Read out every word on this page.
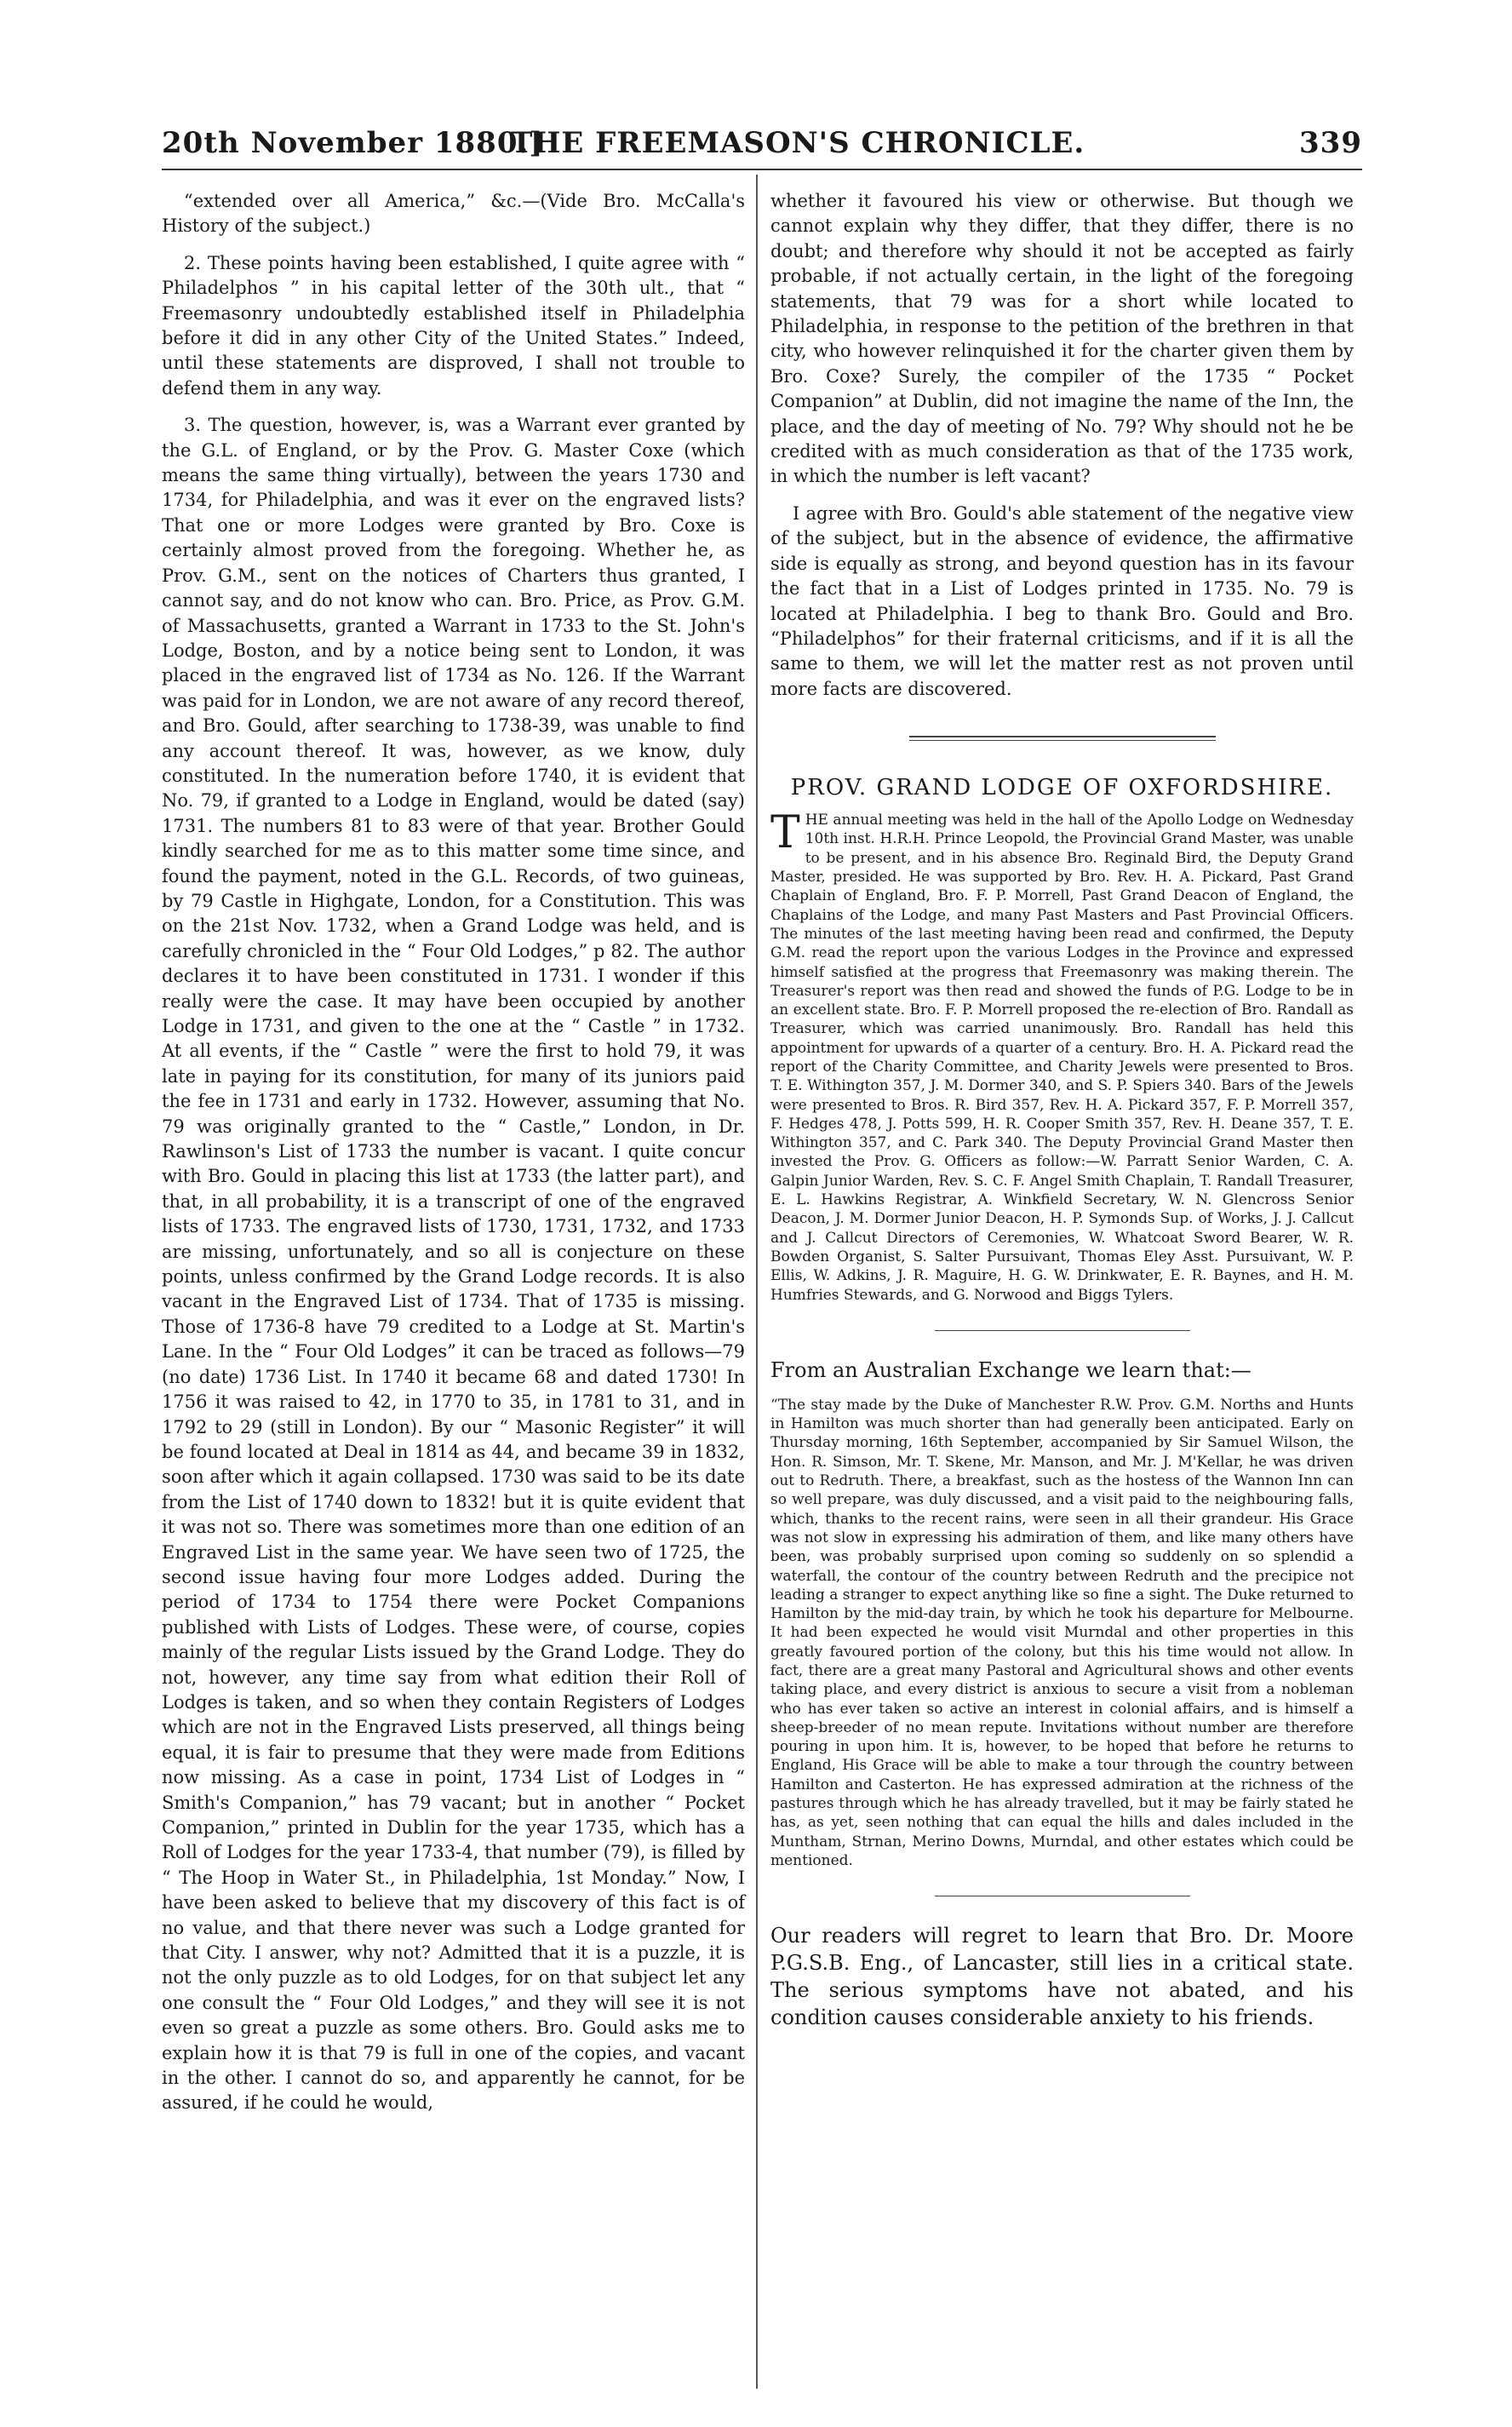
20th November 1880.]
THE FREEMASON'S CHRONICLE.	339

“extended over all America,” &c.—(Vide Bro. McCalla's History of the subject.)

2. These points having been established, I quite agree with “ Philadelphos ” in his capital letter of the 30th ult., that “ Freemasonry undoubtedly established itself in Philadelphia before it did in any other City of the United States.” Indeed, until these statements are disproved, I shall not trouble to defend them in any way.

3. The question, however, is, was a Warrant ever granted by the G.L. of England, or by the Prov. G. Master Coxe (which means the same thing virtually), between the years 1730 and 1734, for Philadelphia, and was it ever on the engraved lists? That one or more Lodges were granted by Bro. Coxe is certainly almost proved from the foregoing. Whether he, as Prov. G.M., sent on the notices of Charters thus granted, I cannot say, and do not know who can. Bro. Price, as Prov. G.M. of Massachusetts, granted a Warrant in 1733 to the St. John's Lodge, Boston, and by a notice being sent to London, it was placed in the engraved list of 1734 as No. 126. If the Warrant was paid for in London, we are not aware of any record thereof, and Bro. Gould, after searching to 1738-39, was unable to find any account thereof. It was, however, as we know, duly constituted. In the numeration before 1740, it is evident that No. 79, if granted to a Lodge in England, would be dated (say) 1731. The numbers 81 to 83 were of that year. Brother Gould kindly searched for me as to this matter some time since, and found the payment, noted in the G.L. Records, of two guineas, by 79 Castle in Highgate, London, for a Constitution. This was on the 21st Nov. 1732, when a Grand Lodge was held, and is carefully chronicled in the “ Four Old Lodges,” p 82. The author declares it to have been constituted in 1731. I wonder if this really were the case. It may have been occupied by another Lodge in 1731, and given to the one at the “ Castle ” in 1732. At all events, if the “ Castle ” were the first to hold 79, it was late in paying for its constitution, for many of its juniors paid the fee in 1731 and early in 1732. However, assuming that No. 79 was originally granted to the “ Castle,” London, in Dr. Rawlinson's List of 1733 the number is vacant. I quite concur with Bro. Gould in placing this list at 1733 (the latter part), and that, in all probability, it is a transcript of one of the engraved lists of 1733. The engraved lists of 1730, 1731, 1732, and 1733 are missing, unfortunately, and so all is conjecture on these points, unless confirmed by the Grand Lodge records. It is also vacant in the Engraved List of 1734. That of 1735 is missing. Those of 1736-8 have 79 credited to a Lodge at St. Martin's Lane. In the “ Four Old Lodges” it can be traced as follows—79 (no date) 1736 List. In 1740 it became 68 and dated 1730! In 1756 it was raised to 42, in 1770 to 35, in 1781 to 31, and in 1792 to 29 (still in London). By our “ Masonic Register” it will be found located at Deal in 1814 as 44, and became 39 in 1832, soon after which it again collapsed. 1730 was said to be its date from the List of 1740 down to 1832! but it is quite evident that it was not so. There was sometimes more than one edition of an Engraved List in the same year. We have seen two of 1725, the second issue having four more Lodges added. During the period of 1734 to 1754 there were Pocket Companions published with Lists of Lodges. These were, of course, copies mainly of the regular Lists issued by the Grand Lodge. They do not, however, any time say from what edition their Roll of Lodges is taken, and so when they contain Registers of Lodges which are not in the Engraved Lists preserved, all things being equal, it is fair to presume that they were made from Editions now missing. As a case in point, 1734 List of Lodges in “ Smith's Companion,” has 79 vacant; but in another “ Pocket Companion,” printed in Dublin for the year 1735, which has a Roll of Lodges for the year 1733-4, that number (79), is filled by “ The Hoop in Water St., in Philadelphia, 1st Monday.” Now, I have been asked to believe that my discovery of this fact is of no value, and that there never was such a Lodge granted for that City. I answer, why not? Admitted that it is a puzzle, it is not the only puzzle as to old Lodges, for on that subject let any one consult the “ Four Old Lodges,” and they will see it is not even so great a puzzle as some others. Bro. Gould asks me to explain how it is that 79 is full in one of the copies, and vacant in the other. I cannot do so, and apparently he cannot, for be assured, if he could he would,

whether it favoured his view or otherwise. But though we cannot explain why they differ, that they differ, there is no doubt; and therefore why should it not be accepted as fairly probable, if not actually certain, in the light of the foregoing statements, that 79 was for a short while located to Philadelphia, in response to the petition of the brethren in that city, who however relinquished it for the charter given them by Bro. Coxe? Surely, the compiler of the 1735 “ Pocket Companion” at Dublin, did not imagine the name of the Inn, the place, and the day of meeting of No. 79? Why should not he be credited with as much consideration as that of the 1735 work, in which the number is left vacant?

I agree with Bro. Gould's able statement of the negative view of the subject, but in the absence of evidence, the affirmative side is equally as strong, and beyond question has in its favour the fact that in a List of Lodges printed in 1735. No. 79 is located at Philadelphia. I beg to thank Bro. Gould and Bro. “Philadelphos” for their fraternal criticisms, and if it is all the same to them, we will let the matter rest as not proven until more facts are discovered.

PROV. GRAND LODGE OF OXFORDSHIRE.

THE annual meeting was held in the hall of the Apollo Lodge on Wednesday 10th inst. H.R.H. Prince Leopold, the Provincial Grand Master, was unable to be present, and in his absence Bro. Reginald Bird, the Deputy Grand Master, presided. He was supported by Bro. Rev. H. A. Pickard, Past Grand Chaplain of England, Bro. F. P. Morrell, Past Grand Deacon of England, the Chaplains of the Lodge, and many Past Masters and Past Provincial Officers. The minutes of the last meeting having been read and confirmed, the Deputy G.M. read the report upon the various Lodges in the Province and expressed himself satisfied at the progress that Freemasonry was making therein. The Treasurer's report was then read and showed the funds of P.G. Lodge to be in an excellent state. Bro. F. P. Morrell proposed the re-election of Bro. Randall as Treasurer, which was carried unanimously. Bro. Randall has held this appointment for upwards of a quarter of a century. Bro. H. A. Pickard read the report of the Charity Committee, and Charity Jewels were presented to Bros. T. E. Withington 357, J. M. Dormer 340, and S. P. Spiers 340. Bars of the Jewels were presented to Bros. R. Bird 357, Rev. H. A. Pickard 357, F. P. Morrell 357, F. Hedges 478, J. Potts 599, H. R. Cooper Smith 357, Rev. H. Deane 357, T. E. Withington 357, and C. Park 340. The Deputy Provincial Grand Master then invested the Prov. G. Officers as follow:—W. Parratt Senior Warden, C. A. Galpin Junior Warden, Rev. S. C. F. Angel Smith Chaplain, T. Randall Treasurer, E. L. Hawkins Registrar, A. Winkfield Secretary, W. N. Glencross Senior Deacon, J. M. Dormer Junior Deacon, H. P. Symonds Sup. of Works, J. J. Callcut and J. Callcut Directors of Ceremonies, W. Whatcoat Sword Bearer, W. R. Bowden Organist, S. Salter Pursuivant, Thomas Eley Asst. Pursuivant, W. P. Ellis, W. Adkins, J. R. Maguire, H. G. W. Drinkwater, E. R. Baynes, and H. M. Humfries Stewards, and G. Norwood and Biggs Tylers.

From an Australian Exchange we learn that:—

“The stay made by the Duke of Manchester R.W. Prov. G.M. Norths and Hunts in Hamilton was much shorter than had generally been anticipated. Early on Thursday morning, 16th September, accompanied by Sir Samuel Wilson, the Hon. R. Simson, Mr. T. Skene, Mr. Manson, and Mr. J. M'Kellar, he was driven out to Redruth. There, a breakfast, such as the hostess of the Wannon Inn can so well prepare, was duly discussed, and a visit paid to the neighbouring falls, which, thanks to the recent rains, were seen in all their grandeur. His Grace was not slow in expressing his admiration of them, and like many others have been, was probably surprised upon coming so suddenly on so splendid a waterfall, the contour of the country between Redruth and the precipice not leading a stranger to expect anything like so fine a sight. The Duke returned to Hamilton by the mid-day train, by which he took his departure for Melbourne. It had been expected he would visit Murndal and other properties in this greatly favoured portion of the colony, but this his time would not allow. In fact, there are a great many Pastoral and Agricultural shows and other events taking place, and every district is anxious to secure a visit from a nobleman who has ever taken so active an interest in colonial affairs, and is himself a sheep-breeder of no mean repute. Invitations without number are therefore pouring in upon him. It is, however, to be hoped that before he returns to England, His Grace will be able to make a tour through the country between Hamilton and Casterton. He has expressed admiration at the richness of the pastures through which he has already travelled, but it may be fairly stated he has, as yet, seen nothing that can equal the hills and dales included in the Muntham, Strnan, Merino Downs, Murndal, and other estates which could be mentioned.

Our readers will regret to learn that Bro. Dr. Moore P.G.S.B. Eng., of Lancaster, still lies in a critical state. The serious symptoms have not abated, and his condition causes considerable anxiety to his friends.
